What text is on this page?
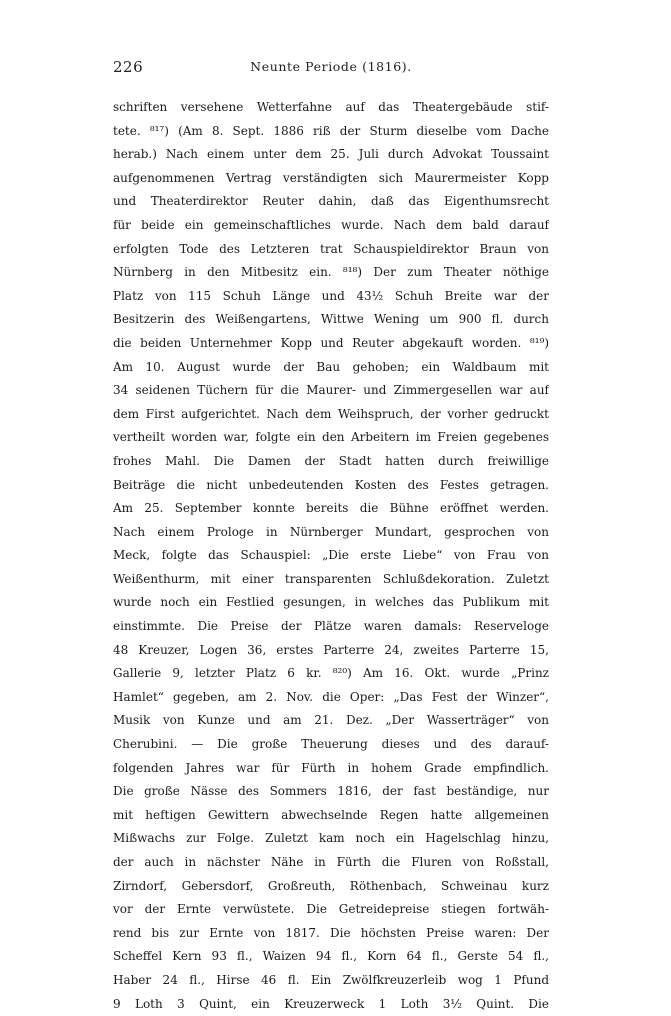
226	Neunte Periode (1816).
schriften versehene Wetterfahne auf das Theatergebäude stif-
tete. ⁸¹⁷) (Am 8. Sept. 1886 riß der Sturm dieselbe vom Dache
herab.) Nach einem unter dem 25. Juli durch Advokat Toussaint
aufgenommenen Vertrag verständigten sich Maurermeister Kopp
und Theaterdirektor Reuter dahin, daß das Eigenthumsrecht
für beide ein gemeinschaftliches wurde. Nach dem bald darauf
erfolgten Tode des Letzteren trat Schauspieldirektor Braun von
Nürnberg in den Mitbesitz ein. ⁸¹⁸) Der zum Theater nöthige
Platz von 115 Schuh Länge und 43½ Schuh Breite war der
Besitzerin des Weißengartens, Wittwe Wening um 900 fl. durch
die beiden Unternehmer Kopp und Reuter abgekauft worden. ⁸¹⁹)
Am 10. August wurde der Bau gehoben; ein Waldbaum mit
34 seidenen Tüchern für die Maurer- und Zimmergesellen war auf
dem First aufgerichtet. Nach dem Weihspruch, der vorher gedruckt
vertheilt worden war, folgte ein den Arbeitern im Freien gegebenes
frohes Mahl. Die Damen der Stadt hatten durch freiwillige
Beiträge die nicht unbedeutenden Kosten des Festes getragen.
Am 25. September konnte bereits die Bühne eröffnet werden.
Nach einem Prologe in Nürnberger Mundart, gesprochen von
Meck, folgte das Schauspiel: „Die erste Liebe“ von Frau von
Weißenthurm, mit einer transparenten Schlußdekoration. Zuletzt
wurde noch ein Festlied gesungen, in welches das Publikum mit
einstimmte. Die Preise der Plätze waren damals: Reserveloge
48 Kreuzer, Logen 36, erstes Parterre 24, zweites Parterre 15,
Gallerie 9, letzter Platz 6 kr. ⁸²⁰) Am 16. Okt. wurde „Prinz
Hamlet“ gegeben, am 2. Nov. die Oper: „Das Fest der Winzer“,
Musik von Kunze und am 21. Dez. „Der Wasserträger“ von
Cherubini. — Die große Theuerung dieses und des darauf-
folgenden Jahres war für Fürth in hohem Grade empfindlich.
Die große Nässe des Sommers 1816, der fast beständige, nur
mit heftigen Gewittern abwechselnde Regen hatte allgemeinen
Mißwachs zur Folge. Zuletzt kam noch ein Hagelschlag hinzu,
der auch in nächster Nähe in Fürth die Fluren von Roßstall,
Zirndorf, Gebersdorf, Großreuth, Röthenbach, Schweinau kurz
vor der Ernte verwüstete. Die Getreidepreise stiegen fortwäh-
rend bis zur Ernte von 1817. Die höchsten Preise waren: Der
Scheffel Kern 93 fl., Waizen 94 fl., Korn 64 fl., Gerste 54 fl.,
Haber 24 fl., Hirse 46 fl. Ein Zwölfkreuzerleib wog 1 Pfund
9 Loth 3 Quint, ein Kreuzerweck 1 Loth 3½ Quint. Die
